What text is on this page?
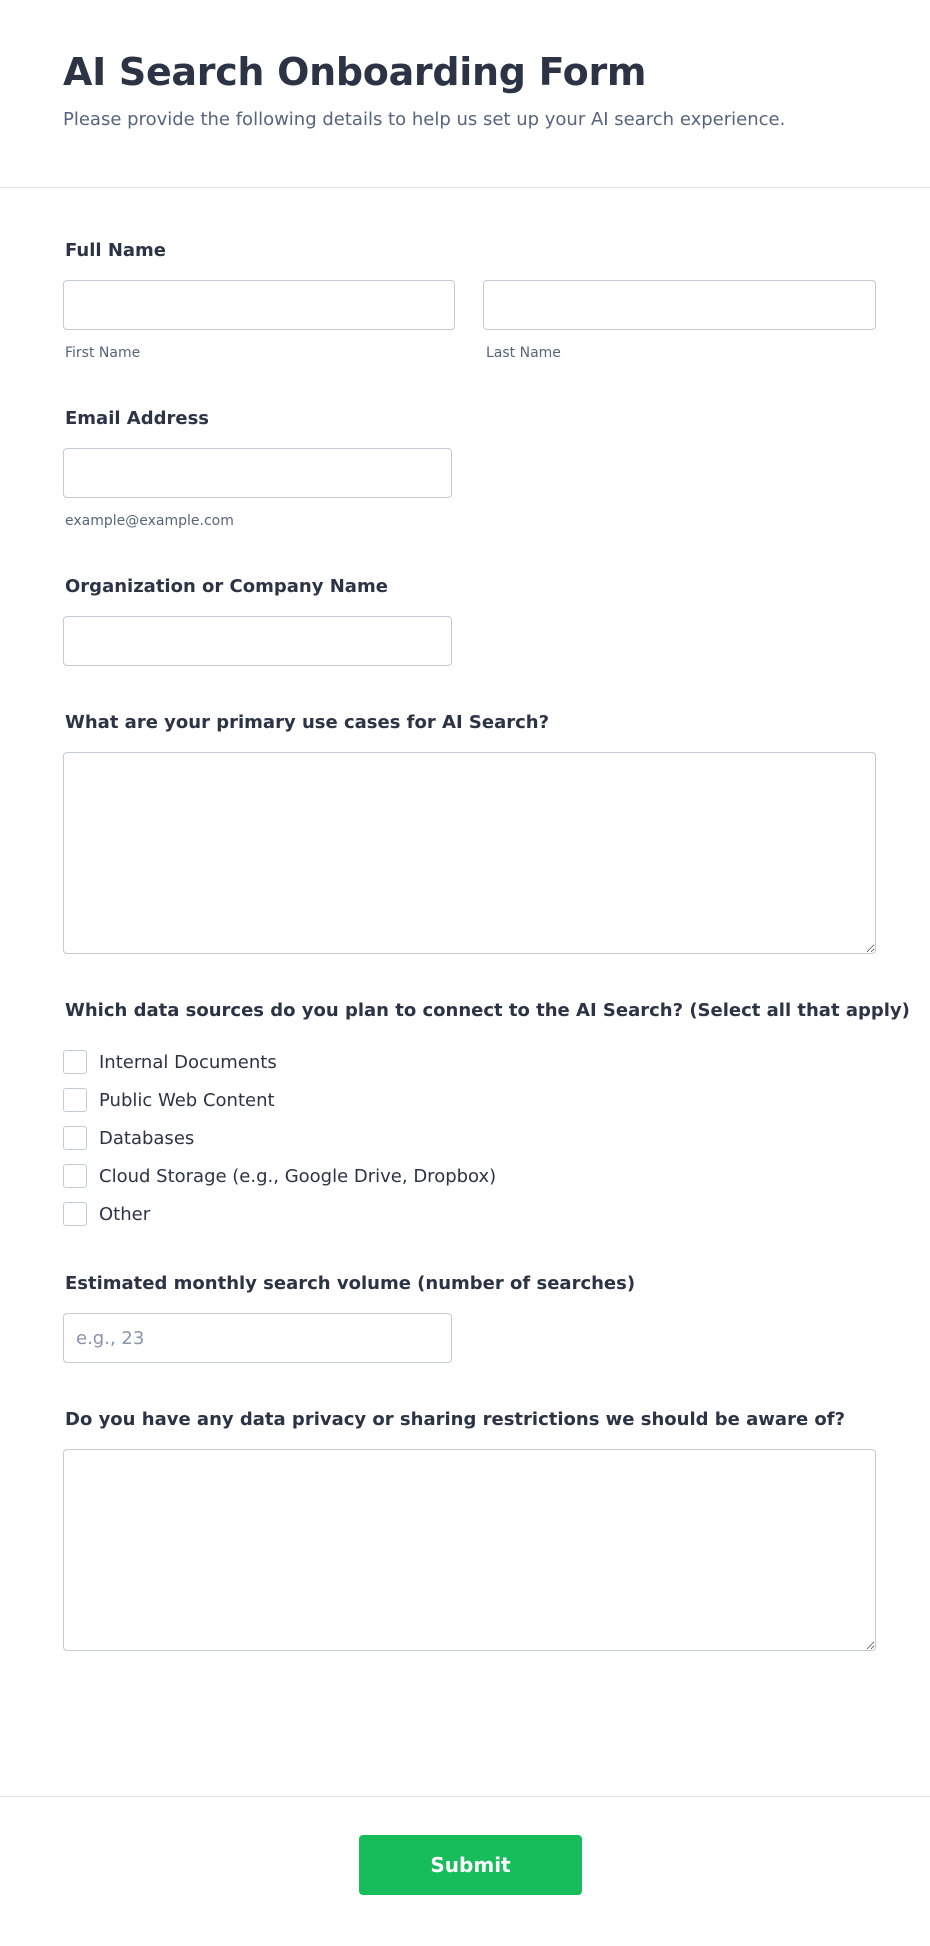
AI Search Onboarding Form

Please provide the following details to help us set up your AI search experience.

Full Name
First Name	Last Name
Email Address
example@example.com
Organization or Company Name
What are your primary use cases for AI Search?
Which data sources do you plan to connect to the AI Search? (Select all that apply)
Internal Documents
Public Web Content
Databases
Cloud Storage (e.g., Google Drive, Dropbox)
Other
Estimated monthly search volume (number of searches)
e.g., 23
Do you have any data privacy or sharing restrictions we should be aware of?
Submit
